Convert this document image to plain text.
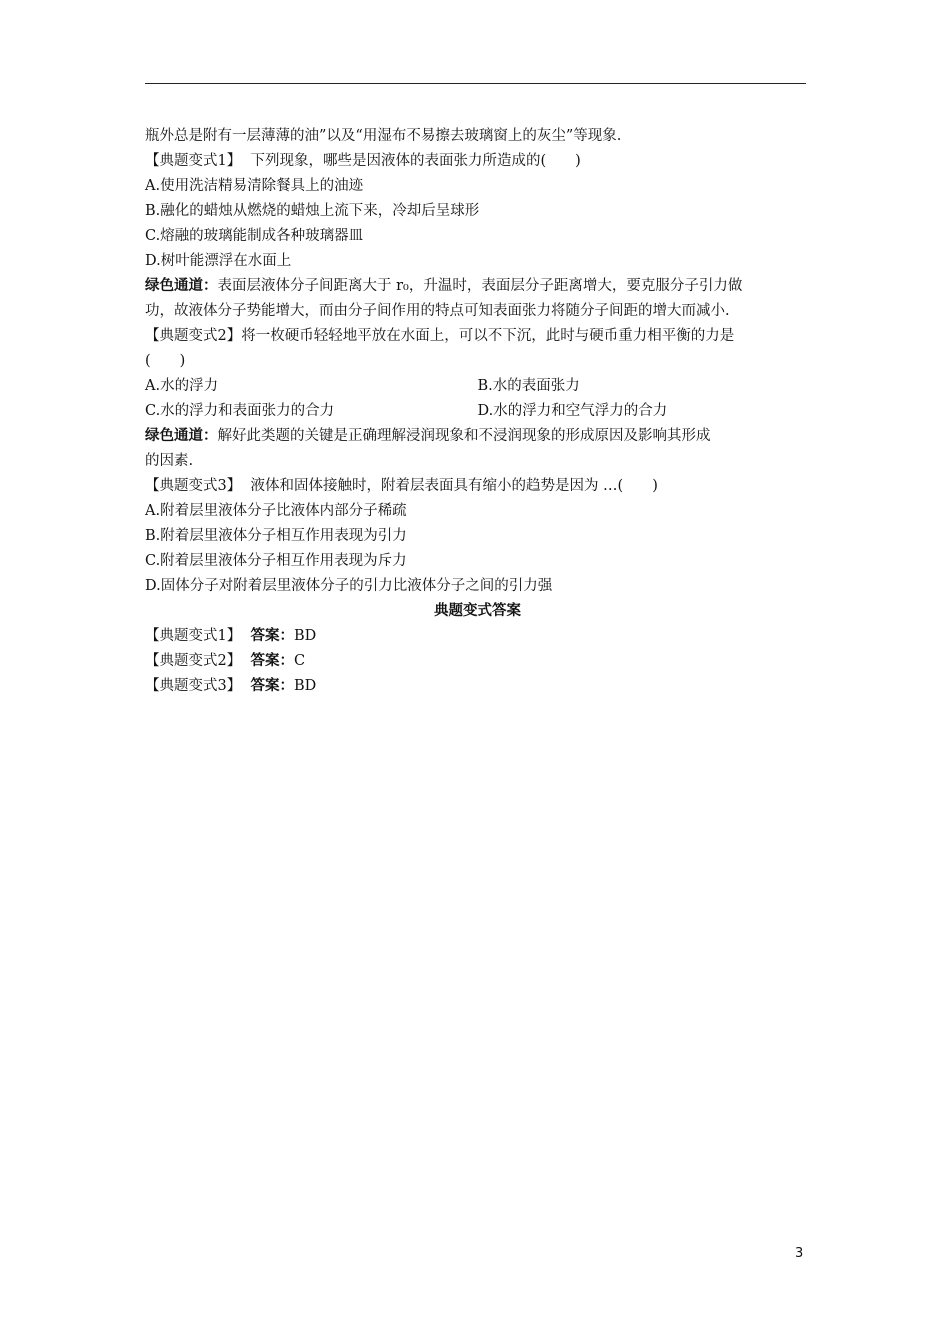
瓶外总是附有一层薄薄的油”以及“用湿布不易擦去玻璃窗上的灰尘”等现象.
【典题变式1】 下列现象，哪些是因液体的表面张力所造成的(　　)
A.使用洗洁精易清除餐具上的油迹
B.融化的蜡烛从燃烧的蜡烛上流下来，冷却后呈球形
C.熔融的玻璃能制成各种玻璃器皿
D.树叶能漂浮在水面上
绿色通道：表面层液体分子间距离大于 r₀，升温时，表面层分子距离增大，要克服分子引力做
功，故液体分子势能增大，而由分子间作用的特点可知表面张力将随分子间距的增大而减小.
【典题变式2】将一枚硬币轻轻地平放在水面上，可以不下沉，此时与硬币重力相平衡的力是
(　　)
A.水的浮力	B.水的表面张力
C.水的浮力和表面张力的合力	D.水的浮力和空气浮力的合力
绿色通道：解好此类题的关键是正确理解浸润现象和不浸润现象的形成原因及影响其形成
的因素.
【典题变式3】 液体和固体接触时，附着层表面具有缩小的趋势是因为 …(　　)
A.附着层里液体分子比液体内部分子稀疏
B.附着层里液体分子相互作用表现为引力
C.附着层里液体分子相互作用表现为斥力
D.固体分子对附着层里液体分子的引力比液体分子之间的引力强
典题变式答案
【典题变式1】 答案：BD
【典题变式2】 答案：C
【典题变式3】 答案：BD
3
